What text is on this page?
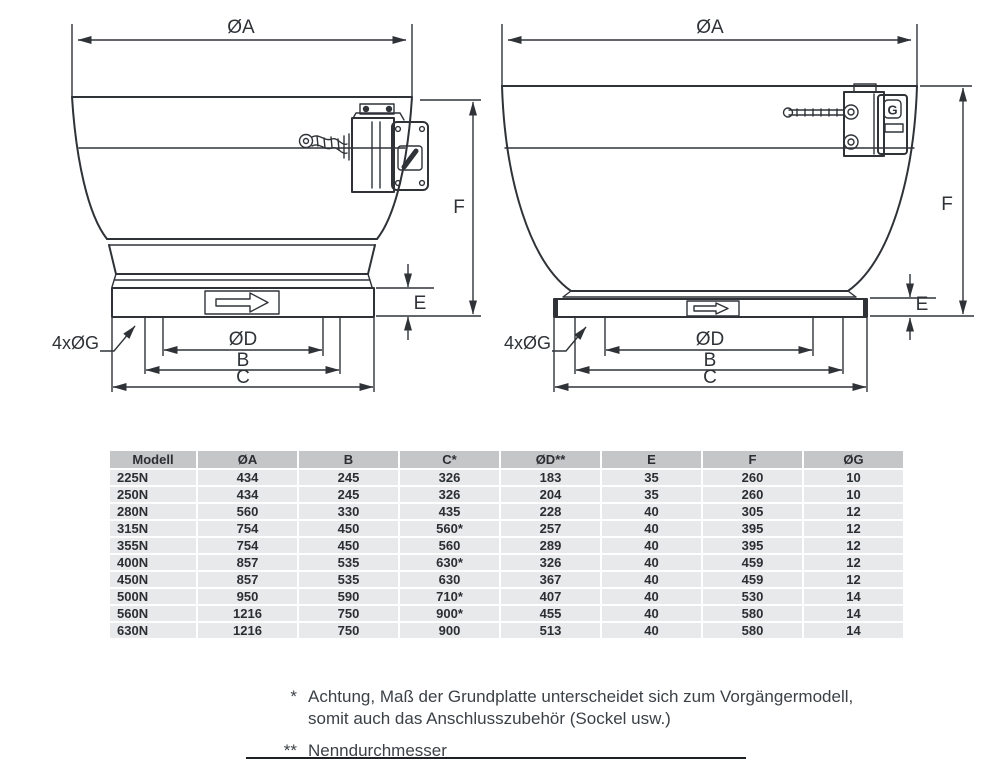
ØA
F
E
ØD
B
C
4xØG
ØA
G
F
E
ØD
B
C
4xØG
Modell	ØA	B	C*	ØD**	E	F	ØG
225N	434	245	326	183	35	260	10
250N	434	245	326	204	35	260	10
280N	560	330	435	228	40	305	12
315N	754	450	560*	257	40	395	12
355N	754	450	560	289	40	395	12
400N	857	535	630*	326	40	459	12
450N	857	535	630	367	40	459	12
500N	950	590	710*	407	40	530	14
560N	1216	750	900*	455	40	580	14
630N	1216	750	900	513	40	580	14
* Achtung, Maß der Grundplatte unterscheidet sich zum Vorgängermodell,
somit auch das Anschlusszubehör (Sockel usw.)
** Nenndurchmesser
